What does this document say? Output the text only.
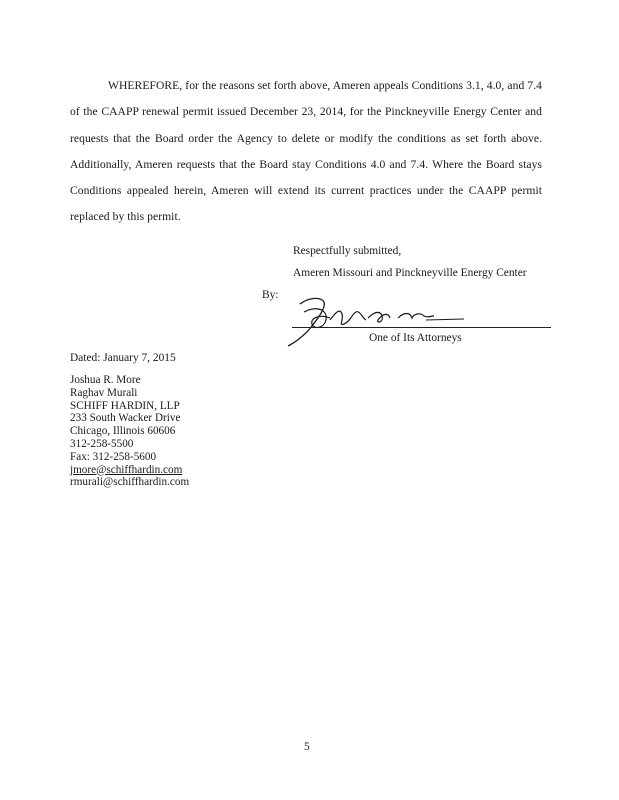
WHEREFORE, for the reasons set forth above, Ameren appeals Conditions 3.1, 4.0, and 7.4 of the CAAPP renewal permit issued December 23, 2014, for the Pinckneyville Energy Center and requests that the Board order the Agency to delete or modify the conditions as set forth above. Additionally, Ameren requests that the Board stay Conditions 4.0 and 7.4. Where the Board stays Conditions appealed herein, Ameren will extend its current practices under the CAAPP permit replaced by this permit.

Respectfully submitted,
Ameren Missouri and Pinckneyville Energy Center
By:
One of Its Attorneys
Dated: January 7, 2015
Joshua R. More
Raghav Murali
SCHIFF HARDIN, LLP
233 South Wacker Drive
Chicago, Illinois 60606
312-258-5500
Fax: 312-258-5600
jmore@schiffhardin.com
rmurali@schiffhardin.com
5
